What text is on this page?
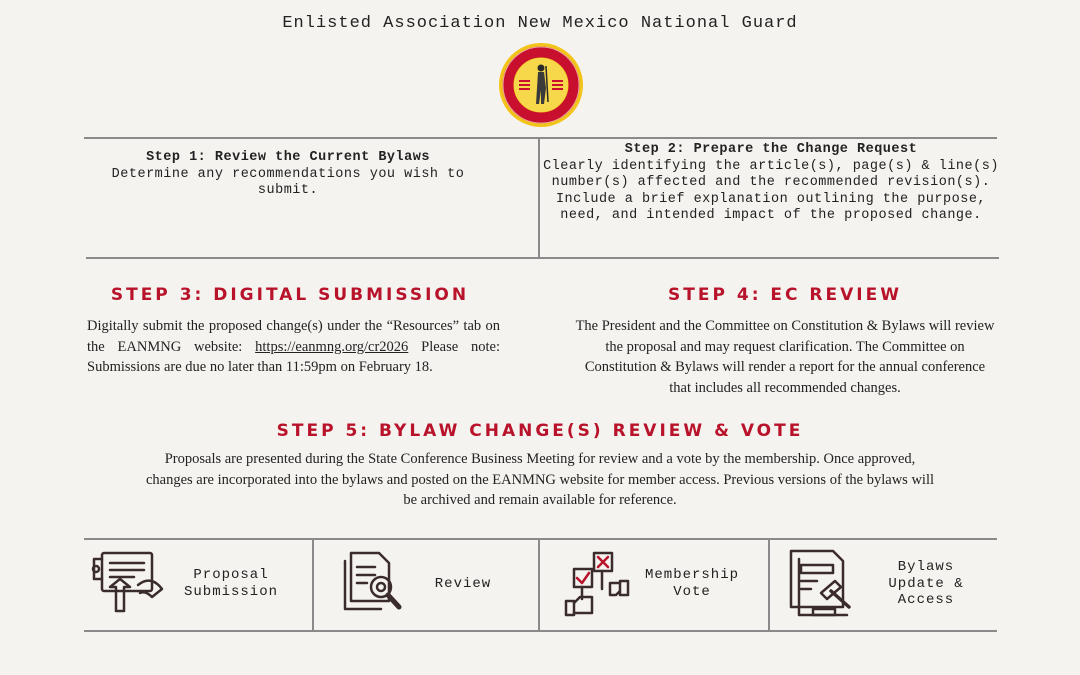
Enlisted Association New Mexico National Guard
Step 1: Review the Current Bylaws
Determine any recommendations you wish to submit.
Step 2: Prepare the Change Request
Clearly identifying the article(s), page(s) & line(s) number(s) affected and the recommended revision(s). Include a brief explanation outlining the purpose, need, and intended impact of the proposed change.
STEP 3: DIGITAL SUBMISSION
Digitally submit the proposed change(s) under the “Resources” tab on the EANMNG website: https://eanmng.org/cr2026 Please note: Submissions are due no later than 11:59pm on February 18.
STEP 4: EC REVIEW
The President and the Committee on Constitution & Bylaws will review the proposal and may request clarification. The Committee on Constitution & Bylaws will render a report for the annual conference that includes all recommended changes.
STEP 5: BYLAW CHANGE(S) REVIEW & VOTE
Proposals are presented during the State Conference Business Meeting for review and a vote by the membership. Once approved, changes are incorporated into the bylaws and posted on the EANMNG website for member access. Previous versions of the bylaws will be archived and remain available for reference.
Proposal Submission	Review
Membership Vote
Bylaws Update & Access
